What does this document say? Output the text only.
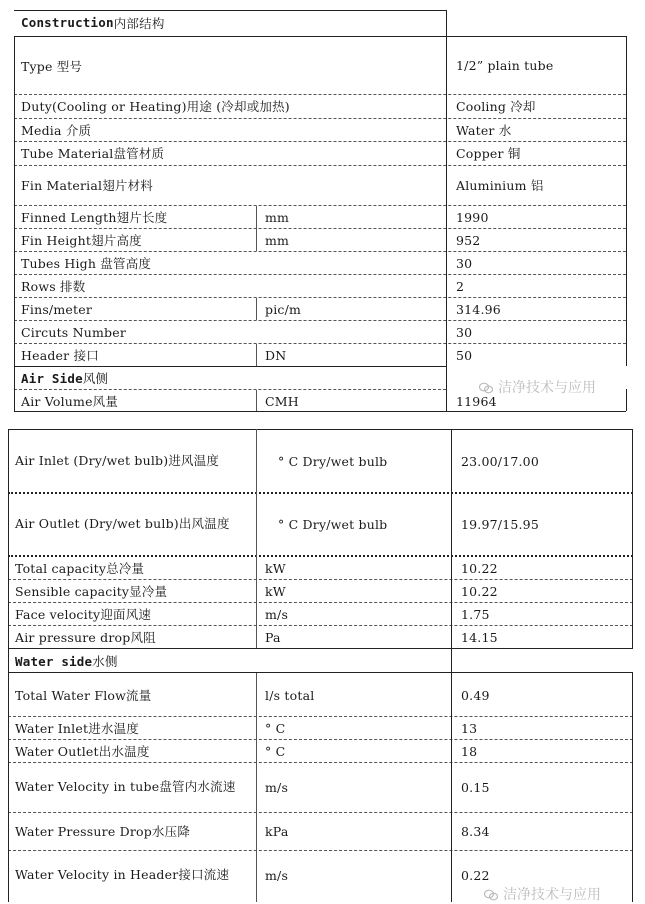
Construction 内部结构
Type 型号	1/2” plain tube
Duty(Cooling or Heating)用途 (冷却或加热)	Cooling 冷却
Media 介质	Water 水
Tube Material盘管材质	Copper 铜
Fin Material翅片材料	Aluminium 铝
Finned Length翅片长度	mm	1990
Fin Height翅片高度	mm	952
Tubes High 盘管高度	30
Rows 排数	2
Fins/meter	pic/m	314.96
Circuts Number	30
Header 接口	DN	50
Air Side 风侧
Air Volume风量	CMH	11964
洁净技术与应用
Air Inlet (Dry/wet bulb)进风温度	° C Dry/wet bulb	23.00/17.00
Air Outlet (Dry/wet bulb)出风温度	° C Dry/wet bulb	19.97/15.95
Total capacity总冷量	kW	10.22
Sensible capacity显冷量	kW	10.22
Face velocity迎面风速	m/s	1.75
Air pressure drop风阻	Pa	14.15
Water side 水侧
Total Water Flow流量	l/s total	0.49
Water Inlet进水温度	° C	13
Water Outlet出水温度	° C	18
Water Velocity in tube盘管内水流速	m/s	0.15
Water Pressure Drop水压降	kPa	8.34
Water Velocity in Header接口流速	m/s	0.22
洁净技术与应用
